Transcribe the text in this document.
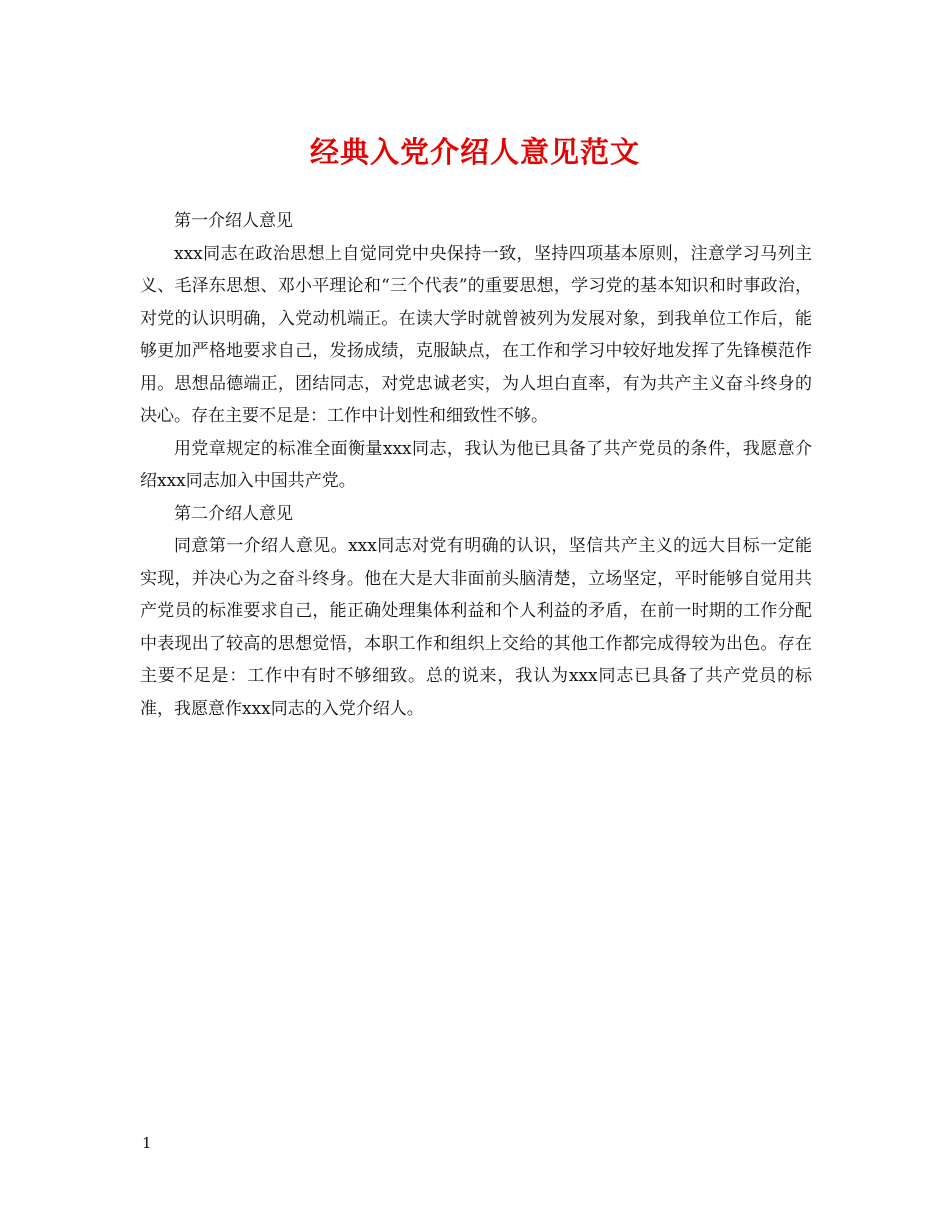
经典入党介绍人意见范文

第一介绍人意见

xxx同志在政治思想上自觉同党中央保持一致，坚持四项基本原则，注意学习马列主义、毛泽东思想、邓小平理论和“三个代表”的重要思想，学习党的基本知识和时事政治，对党的认识明确，入党动机端正。在读大学时就曾被列为发展对象，到我单位工作后，能够更加严格地要求自己，发扬成绩，克服缺点，在工作和学习中较好地发挥了先锋模范作用。思想品德端正，团结同志，对党忠诚老实，为人坦白直率，有为共产主义奋斗终身的决心。存在主要不足是：工作中计划性和细致性不够。

用党章规定的标准全面衡量xxx同志，我认为他已具备了共产党员的条件，我愿意介绍xxx同志加入中国共产党。

第二介绍人意见

同意第一介绍人意见。xxx同志对党有明确的认识，坚信共产主义的远大目标一定能实现，并决心为之奋斗终身。他在大是大非面前头脑清楚，立场坚定，平时能够自觉用共产党员的标准要求自己，能正确处理集体利益和个人利益的矛盾，在前一时期的工作分配中表现出了较高的思想觉悟，本职工作和组织上交给的其他工作都完成得较为出色。存在主要不足是：工作中有时不够细致。总的说来，我认为xxx同志已具备了共产党员的标准，我愿意作xxx同志的入党介绍人。

1
